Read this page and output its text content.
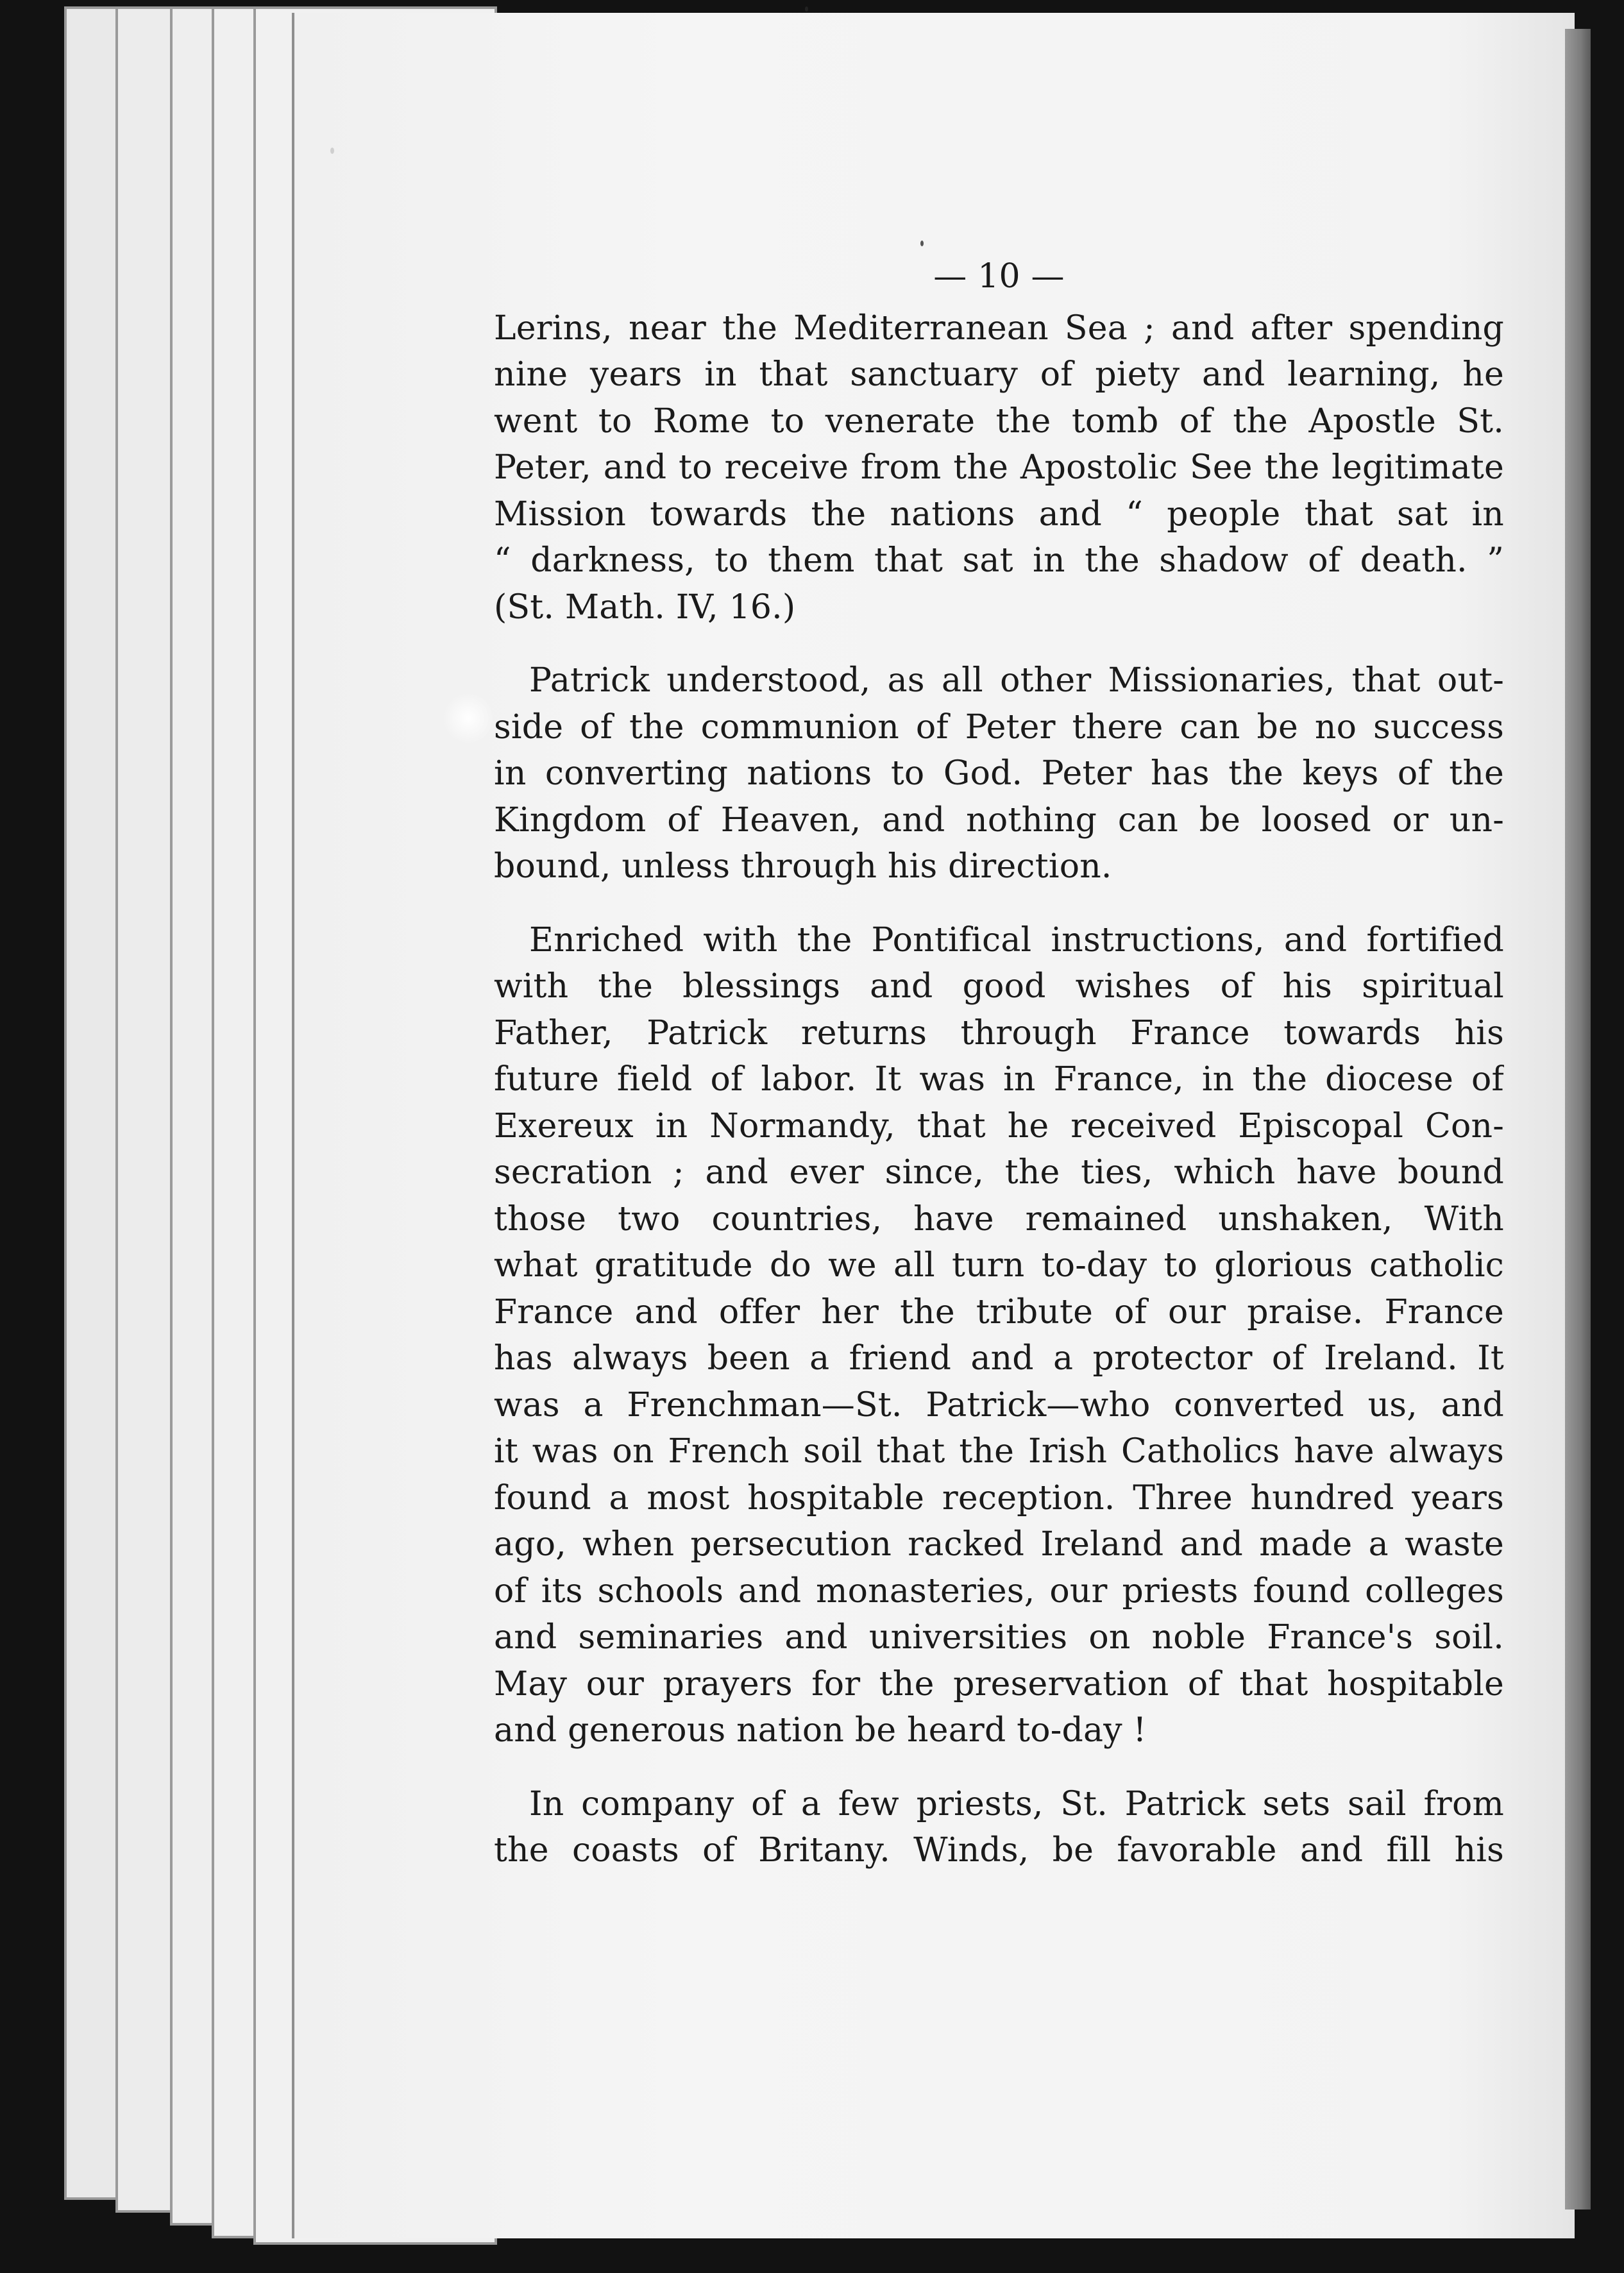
— 10 —
Lerins, near the Mediterranean Sea ; and after spending
nine years in that sanctuary of piety and learning, he
went to Rome to venerate the tomb of the Apostle St.
Peter, and to receive from the Apostolic See the legitimate
Mission towards the nations and “ people that sat in
“ darkness, to them that sat in the shadow of death. ”
(St. Math. IV, 16.)
Patrick understood, as all other Missionaries, that out-
side of the communion of Peter there can be no success
in converting nations to God. Peter has the keys of the
Kingdom of Heaven, and nothing can be loosed or un-
bound, unless through his direction.
Enriched with the Pontifical instructions, and fortified
with the blessings and good wishes of his spiritual
Father, Patrick returns through France towards his
future field of labor. It was in France, in the diocese of
Exereux in Normandy, that he received Episcopal Con-
secration ; and ever since, the ties, which have bound
those two countries, have remained unshaken, With
what gratitude do we all turn to-day to glorious catholic
France and offer her the tribute of our praise. France
has always been a friend and a protector of Ireland. It
was a Frenchman—St. Patrick—who converted us, and
it was on French soil that the Irish Catholics have always
found a most hospitable reception. Three hundred years
ago, when persecution racked Ireland and made a waste
of its schools and monasteries, our priests found colleges
and seminaries and universities on noble France's soil.
May our prayers for the preservation of that hospitable
and generous nation be heard to-day !
In company of a few priests, St. Patrick sets sail from
the coasts of Britany. Winds, be favorable and fill his
